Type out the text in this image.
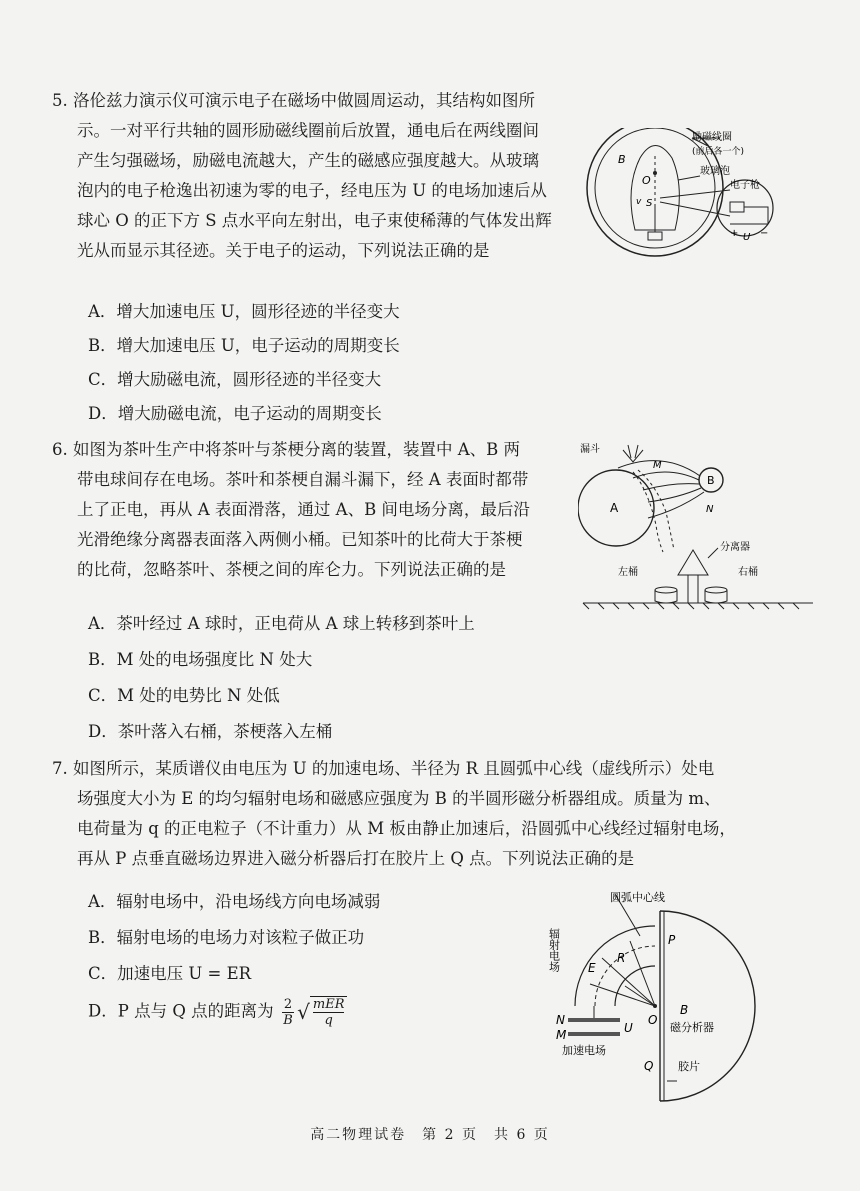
5. 洛伦兹力演示仪可演示电子在磁场中做圆周运动，其结构如图所
示。一对平行共轴的圆形励磁线圈前后放置，通电后在两线圈间
产生匀强磁场，励磁电流越大，产生的磁感应强度越大。从玻璃
泡内的电子枪逸出初速为零的电子，经电压为 U 的电场加速后从
球心 O 的正下方 S 点水平向左射出，电子束使稀薄的气体发出辉
光从而显示其径迹。关于电子的运动，下列说法正确的是
A．增大加速电压 U，圆形径迹的半径变大
B．增大加速电压 U，电子运动的周期变长
C．增大励磁电流，圆形径迹的半径变大
D．增大励磁电流，电子运动的周期变长
励磁线圈
(前后各一个)
玻璃泡
电子枪
B
O
S
v
+ U −
6. 如图为茶叶生产中将茶叶与茶梗分离的装置，装置中 A、B 两
带电球间存在电场。茶叶和茶梗自漏斗漏下，经 A 表面时都带
上了正电，再从 A 表面滑落，通过 A、B 间电场分离，最后沿
光滑绝缘分离器表面落入两侧小桶。已知茶叶的比荷大于茶梗
的比荷，忽略茶叶、茶梗之间的库仑力。下列说法正确的是
A．茶叶经过 A 球时，正电荷从 A 球上转移到茶叶上
B．M 处的电场强度比 N 处大
C．M 处的电势比 N 处低
D．茶叶落入右桶，茶梗落入左桶
漏斗
A
B
M
N
分离器
左桶	右桶
7. 如图所示，某质谱仪由电压为 U 的加速电场、半径为 R 且圆弧中心线（虚线所示）处电
场强度大小为 E 的均匀辐射电场和磁感应强度为 B 的半圆形磁分析器组成。质量为 m、
电荷量为 q 的正电粒子（不计重力）从 M 板由静止加速后，沿圆弧中心线经过辐射电场，
再从 P 点垂直磁场边界进入磁分析器后打在胶片上 Q 点。下列说法正确的是
A．辐射电场中，沿电场线方向电场减弱
B．辐射电场的电场力对该粒子做正功
C．加速电压 U = ER
D．P 点与 Q 点的距离为 $\frac{2}{B}$ √ mER
q
圆弧中心线
辐射电场	P
R
E
O
B
磁分析器
N
M	U
加速电场
Q 胶片
高二物理试卷　第 2 页　共 6 页
